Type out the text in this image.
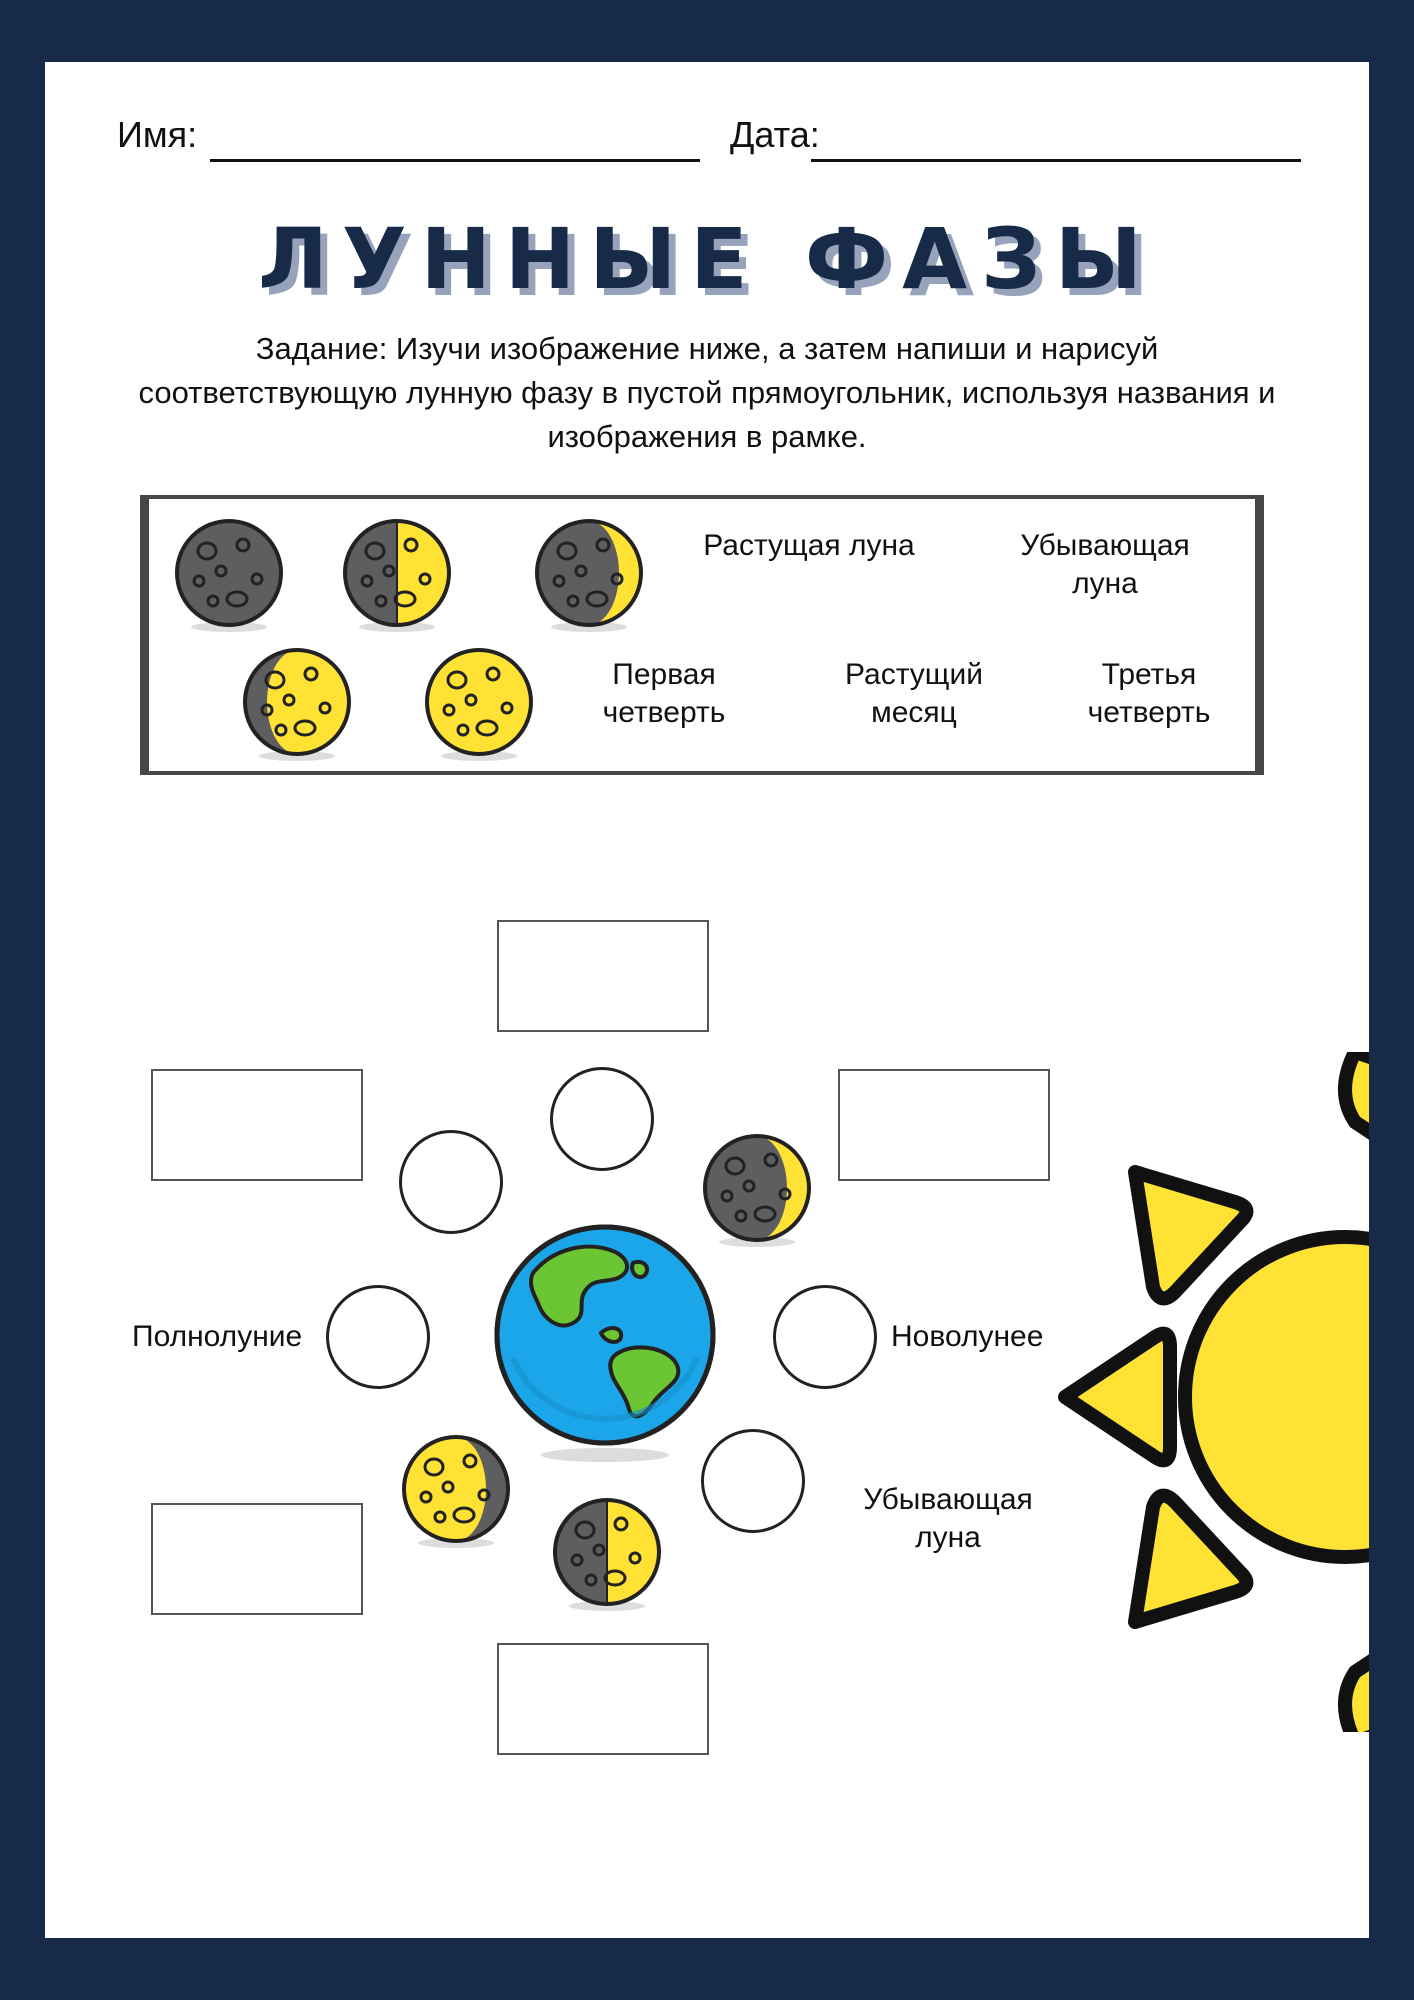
Имя:	Дата:
ЛУННЫЕ ФАЗЫ
Задание: Изучи изображение ниже, а затем напиши и нарисуй соответствующую лунную фазу в пустой прямоугольник, используя названия и изображения в рамке.
Растущая луна	Убывающая луна
Первая четверть
Растущий месяц
Третья четверть
Полнолуние	Новолунее
Убывающая луна
